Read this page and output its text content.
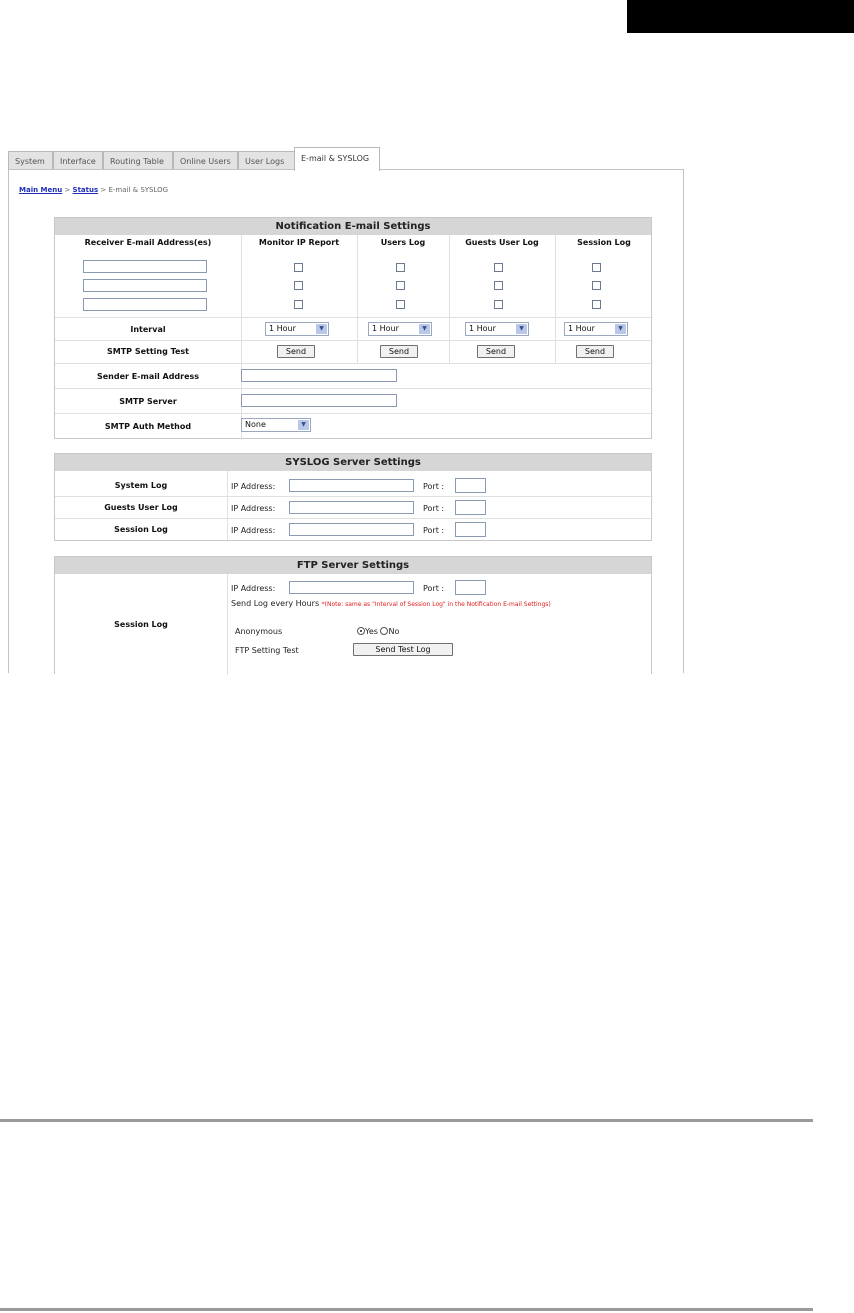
System	Interface	Routing Table	Online Users	User Logs	E-mail & SYSLOG
Main Menu > Status > E-mail & SYSLOG
Notification E-mail Settings
Receiver E-mail Address(es)	Monitor IP Report	Users Log	Guests User Log	Session Log
Interval	1 Hour	▼	1 Hour	▼	1 Hour	▼	1 Hour	▼
SMTP Setting Test	Send	Send	Send	Send
Sender E-mail Address
SMTP Server
SMTP Auth Method	None	▼
SYSLOG Server Settings
System Log	IP Address:	Port :
Guests User Log	IP Address:	Port :
Session Log	IP Address:	Port :
FTP Server Settings
Session Log
IP Address:	Port :
Send Log every Hours *(Note: same as "Interval of Session Log" in the Notification E-mail Settings)
Anonymous	Yes No
FTP Setting Test	Send Test Log
